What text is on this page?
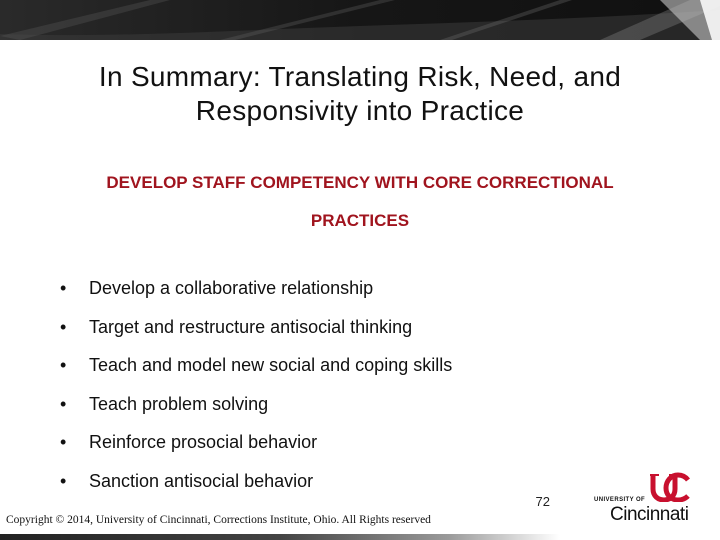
In Summary: Translating Risk, Need, and
Responsivity into Practice
DEVELOP STAFF COMPETENCY WITH CORE CORRECTIONAL
PRACTICES
• Develop a collaborative relationship
• Target and restructure antisocial thinking
• Teach and model new social and coping skills
• Teach problem solving
• Reinforce prosocial behavior
• Sanction antisocial behavior
72
Copyright © 2014, University of Cincinnati, Corrections Institute, Ohio. All Rights reserved
UNIVERSITY OF
Cincinnati
